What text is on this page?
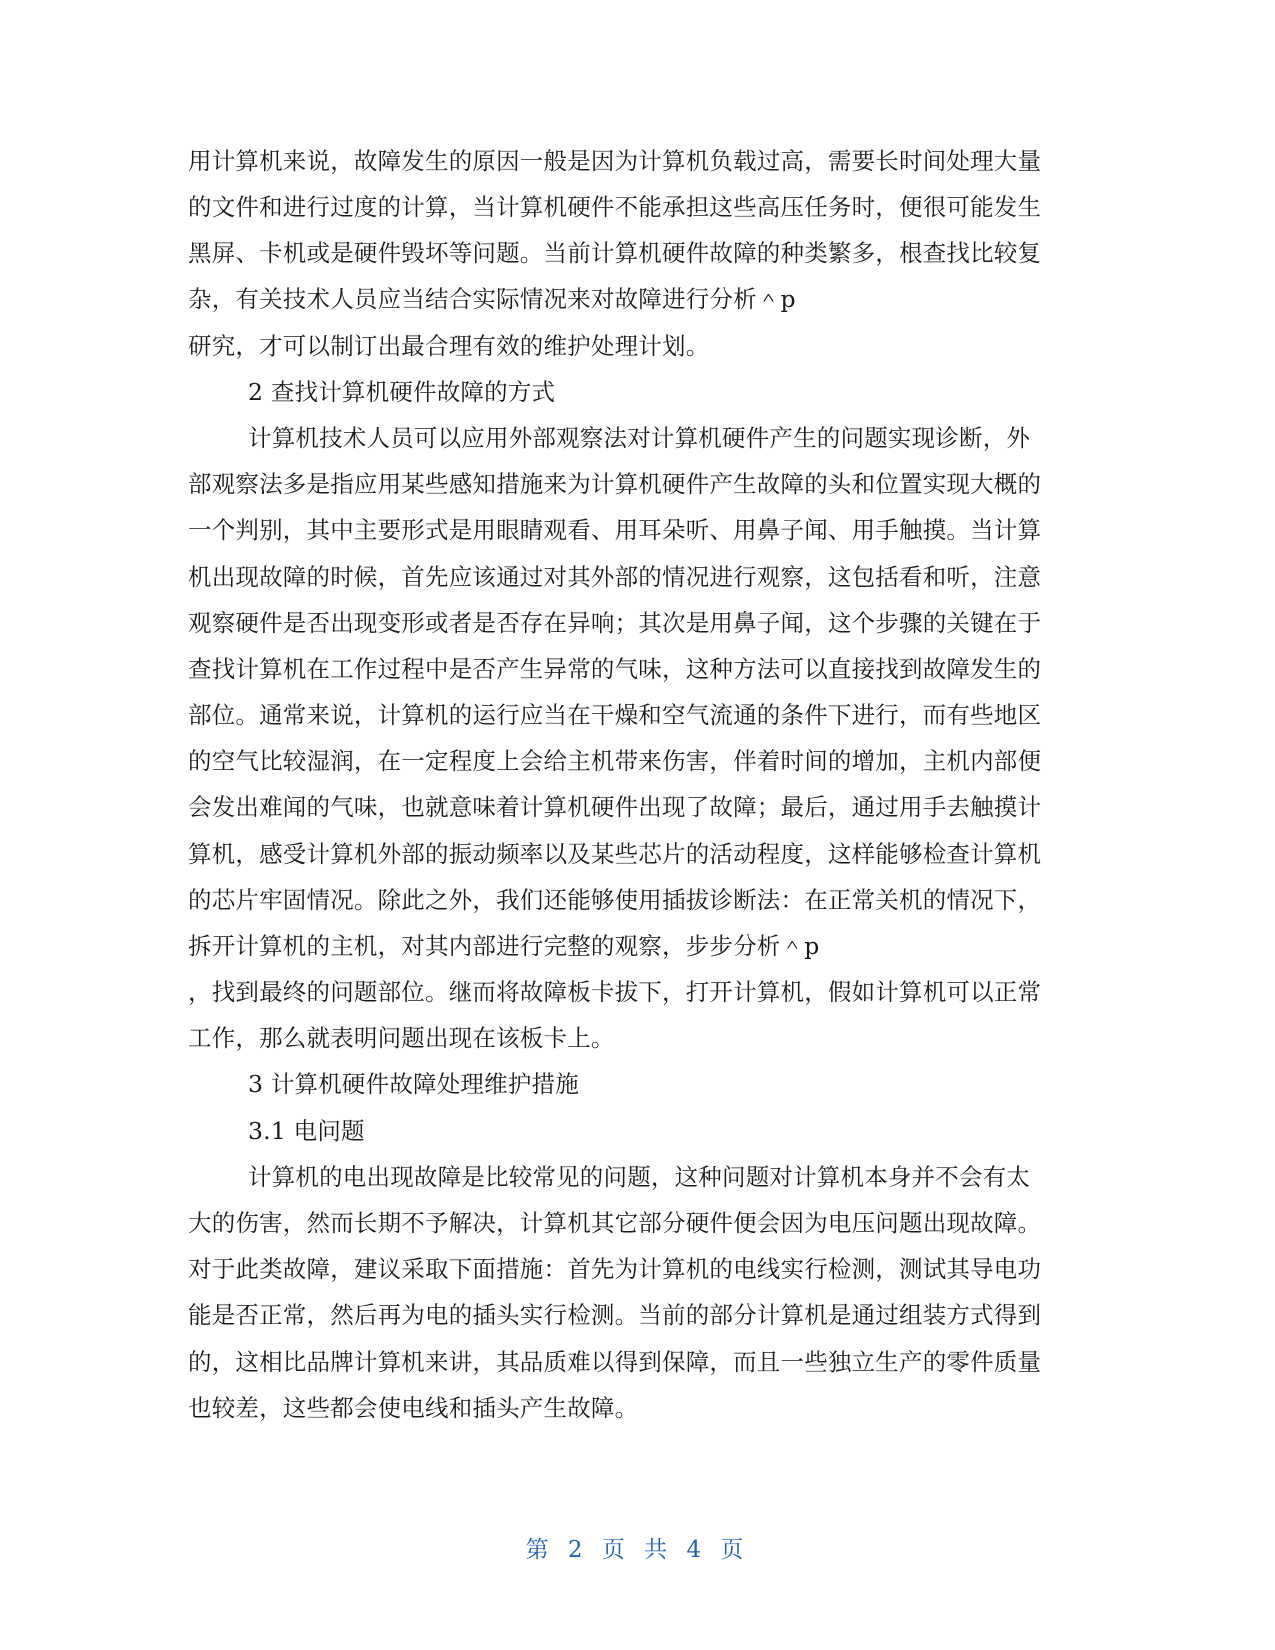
用计算机来说，故障发生的原因一般是因为计算机负载过高，需要长时间处理大量
的文件和进行过度的计算，当计算机硬件不能承担这些高压任务时，便很可能发生
黑屏、卡机或是硬件毁坏等问题。当前计算机硬件故障的种类繁多，根查找比较复
杂，有关技术人员应当结合实际情况来对故障进行分析＾p
研究，才可以制订出最合理有效的维护处理计划。
2 查找计算机硬件故障的方式
计算机技术人员可以应用外部观察法对计算机硬件产生的问题实现诊断，外
部观察法多是指应用某些感知措施来为计算机硬件产生故障的头和位置实现大概的
一个判别，其中主要形式是用眼睛观看、用耳朵听、用鼻子闻、用手触摸。当计算
机出现故障的时候，首先应该通过对其外部的情况进行观察，这包括看和听，注意
观察硬件是否出现变形或者是否存在异响；其次是用鼻子闻，这个步骤的关键在于
查找计算机在工作过程中是否产生异常的气味，这种方法可以直接找到故障发生的
部位。通常来说，计算机的运行应当在干燥和空气流通的条件下进行，而有些地区
的空气比较湿润，在一定程度上会给主机带来伤害，伴着时间的增加，主机内部便
会发出难闻的气味，也就意味着计算机硬件出现了故障；最后，通过用手去触摸计
算机，感受计算机外部的振动频率以及某些芯片的活动程度，这样能够检查计算机
的芯片牢固情况。除此之外，我们还能够使用插拔诊断法：在正常关机的情况下，
拆开计算机的主机，对其内部进行完整的观察，步步分析＾p
，找到最终的问题部位。继而将故障板卡拔下，打开计算机，假如计算机可以正常
工作，那么就表明问题出现在该板卡上。
3 计算机硬件故障处理维护措施
3.1 电问题
计算机的电出现故障是比较常见的问题，这种问题对计算机本身并不会有太
大的伤害，然而长期不予解决，计算机其它部分硬件便会因为电压问题出现故障。
对于此类故障，建议采取下面措施：首先为计算机的电线实行检测，测试其导电功
能是否正常，然后再为电的插头实行检测。当前的部分计算机是通过组装方式得到
的，这相比品牌计算机来讲，其品质难以得到保障，而且一些独立生产的零件质量
也较差，这些都会使电线和插头产生故障。
第 2 页 共 4 页
